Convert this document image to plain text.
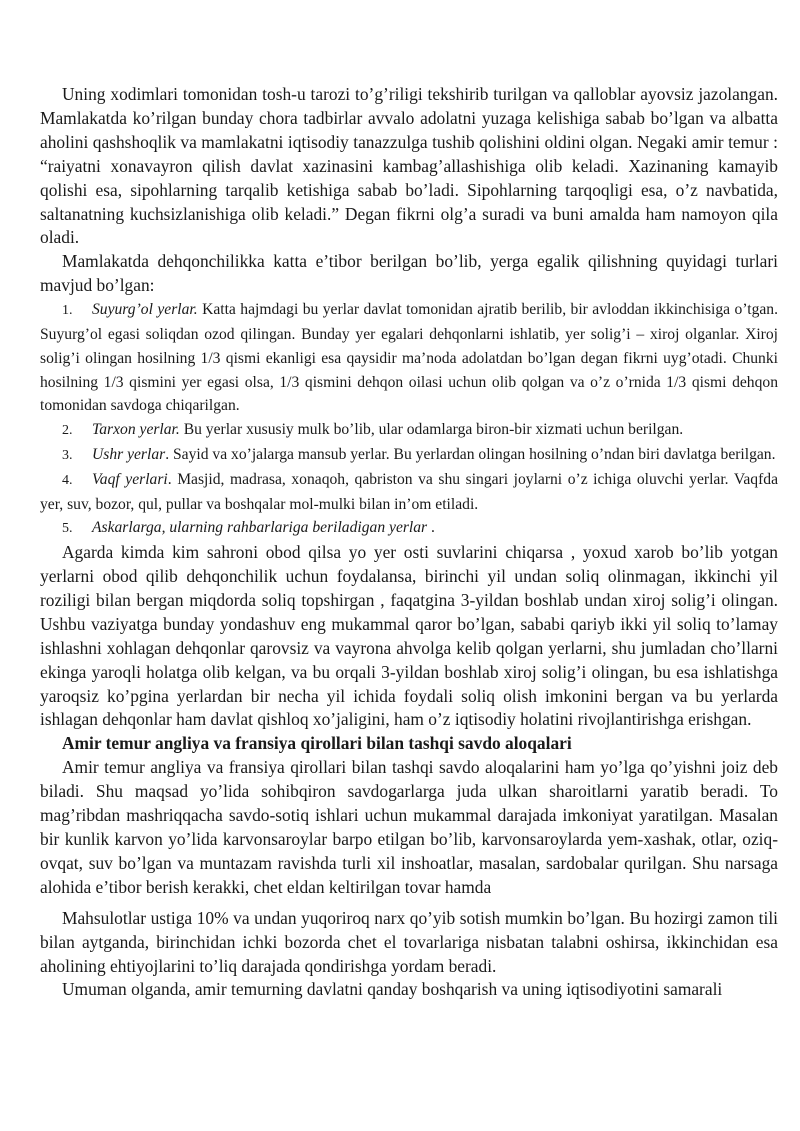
Uning xodimlari tomonidan tosh-u tarozi to’g’riligi tekshirib turilgan va qalloblar ayovsiz jazolangan. Mamlakatda ko’rilgan bunday chora tadbirlar avvalo adolatni yuzaga kelishiga sabab bo’lgan va albatta aholini qashshoqlik va mamlakatni iqtisodiy tanazzulga tushib qolishini oldini olgan. Negaki amir temur : “raiyatni xonavayron qilish davlat xazinasini kambag’allashishiga olib keladi. Xazinaning kamayib qolishi esa, sipohlarning tarqalib ketishiga sabab bo’ladi. Sipohlarning tarqoqligi esa, o’z navbatida, saltanatning kuchsizlanishiga olib keladi.” Degan fikrni olg’a suradi va buni amalda ham namoyon qila oladi.

Mamlakatda dehqonchilikka katta e’tibor berilgan bo’lib, yerga egalik qilishning quyidagi turlari mavjud bo’lgan:

1. Suyurg’ol yerlar. Katta hajmdagi bu yerlar davlat tomonidan ajratib berilib, bir avloddan ikkinchisiga o’tgan. Suyurg’ol egasi soliqdan ozod qilingan. Bunday yer egalari dehqonlarni ishlatib, yer solig’i – xiroj olganlar. Xiroj solig’i olingan hosilning 1/3 qismi ekanligi esa qaysidir ma’noda adolatdan bo’lgan degan fikrni uyg’otadi. Chunki hosilning 1/3 qismini yer egasi olsa, 1/3 qismini dehqon oilasi uchun olib qolgan va o’z o’rnida 1/3 qismi dehqon tomonidan savdoga chiqarilgan.

2. Tarxon yerlar. Bu yerlar xususiy mulk bo’lib, ular odamlarga biron-bir xizmati uchun berilgan.

3. Ushr yerlar. Sayid va xo’jalarga mansub yerlar. Bu yerlardan olingan hosilning o’ndan biri davlatga berilgan.

4. Vaqf yerlari. Masjid, madrasa, xonaqoh, qabriston va shu singari joylarni o’z ichiga oluvchi yerlar. Vaqfda yer, suv, bozor, qul, pullar va boshqalar mol-mulki bilan in’om etiladi.

5. Askarlarga, ularning rahbarlariga beriladigan yerlar .

Agarda kimda kim sahroni obod qilsa yo yer osti suvlarini chiqarsa , yoxud xarob bo’lib yotgan yerlarni obod qilib dehqonchilik uchun foydalansa, birinchi yil undan soliq olinmagan, ikkinchi yil roziligi bilan bergan miqdorda soliq topshirgan , faqatgina 3-yildan boshlab undan xiroj solig’i olingan. Ushbu vaziyatga bunday yondashuv eng mukammal qaror bo’lgan, sababi qariyb ikki yil soliq to’lamay ishlashni xohlagan dehqonlar qarovsiz va vayrona ahvolga kelib qolgan yerlarni, shu jumladan cho’llarni ekinga yaroqli holatga olib kelgan, va bu orqali 3-yildan boshlab xiroj solig’i olingan, bu esa ishlatishga yaroqsiz ko’pgina yerlardan bir necha yil ichida foydali soliq olish imkonini bergan va bu yerlarda ishlagan dehqonlar ham davlat qishloq xo’jaligini, ham o’z iqtisodiy holatini rivojlantirishga erishgan.

Amir temur angliya va fransiya qirollari bilan tashqi savdo aloqalari

Amir temur angliya va fransiya qirollari bilan tashqi savdo aloqalarini ham yo’lga qo’yishni joiz deb biladi. Shu maqsad yo’lida sohibqiron savdogarlarga juda ulkan sharoitlarni yaratib beradi. To mag’ribdan mashriqqacha savdo-sotiq ishlari uchun mukammal darajada imkoniyat yaratilgan. Masalan bir kunlik karvon yo’lida karvonsaroylar barpo etilgan bo’lib, karvonsaroylarda yem-xashak, otlar, oziq-ovqat, suv bo’lgan va muntazam ravishda turli xil inshoatlar, masalan, sardobalar qurilgan. Shu narsaga alohida e’tibor berish kerakki, chet eldan keltirilgan tovar hamda

Mahsulotlar ustiga 10% va undan yuqoriroq narx qo’yib sotish mumkin bo’lgan. Bu hozirgi zamon tili bilan aytganda, birinchidan ichki bozorda chet el tovarlariga nisbatan talabni oshirsa, ikkinchidan esa aholining ehtiyojlarini to’liq darajada qondirishga yordam beradi.

Umuman olganda, amir temurning davlatni qanday boshqarish va uning iqtisodiyotini samarali
